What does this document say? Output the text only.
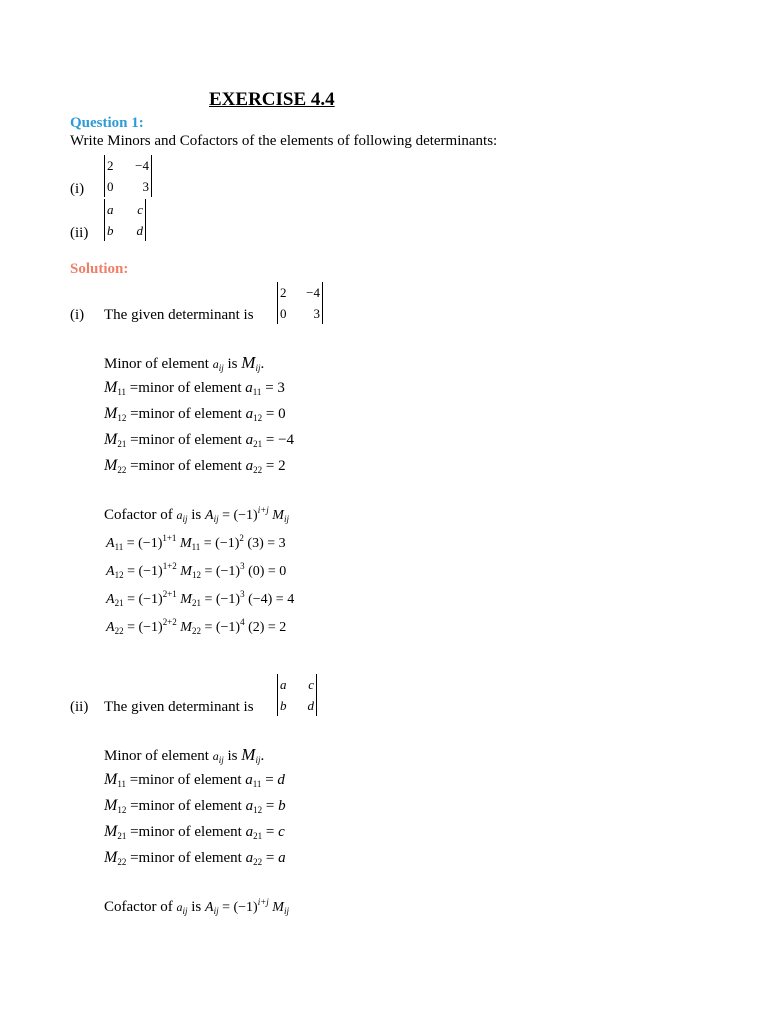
EXERCISE 4.4
Question 1:
Write Minors and Cofactors of the elements of following determinants:
(i)
2	−4
0	3
(ii)
a	c
b	d
Solution:
(i) The given determinant is
2	−4
0	3
Minor of element $a_{ij}$ is $M_{ij}$.
$M_{11}$ =minor of element $a_{11} = 3$
$M_{12}$ =minor of element $a_{12} = 0$
$M_{21}$ =minor of element $a_{21} = -4$
$M_{22}$ =minor of element $a_{22} = 2$
Cofactor of $a_{ij}$ is $A_{ij} = (-1)^{i+j}$ $M_{ij}$
$A_{11} = (-1)^{1+1}$ $M_{11} = (-1)^2$ (3) = 3
$A_{12} = (-1)^{1+2}$ $M_{12} = (-1)^3$ (0) = 0
$A_{21} = (-1)^{2+1}$ $M_{21} = (-1)^3$ (−4) = 4
$A_{22} = (-1)^{2+2}$ $M_{22} = (-1)^4$ (2) = 2
(ii) The given determinant is
a	c
b	d
Minor of element $a_{ij}$ is $M_{ij}$.
$M_{11}$ =minor of element $a_{11} = d$
$M_{12}$ =minor of element $a_{12} = b$
$M_{21}$ =minor of element $a_{21} = c$
$M_{22}$ =minor of element $a_{22} = a$
Cofactor of $a_{ij}$ is $A_{ij} = (-1)^{i+j}$ $M_{ij}$
